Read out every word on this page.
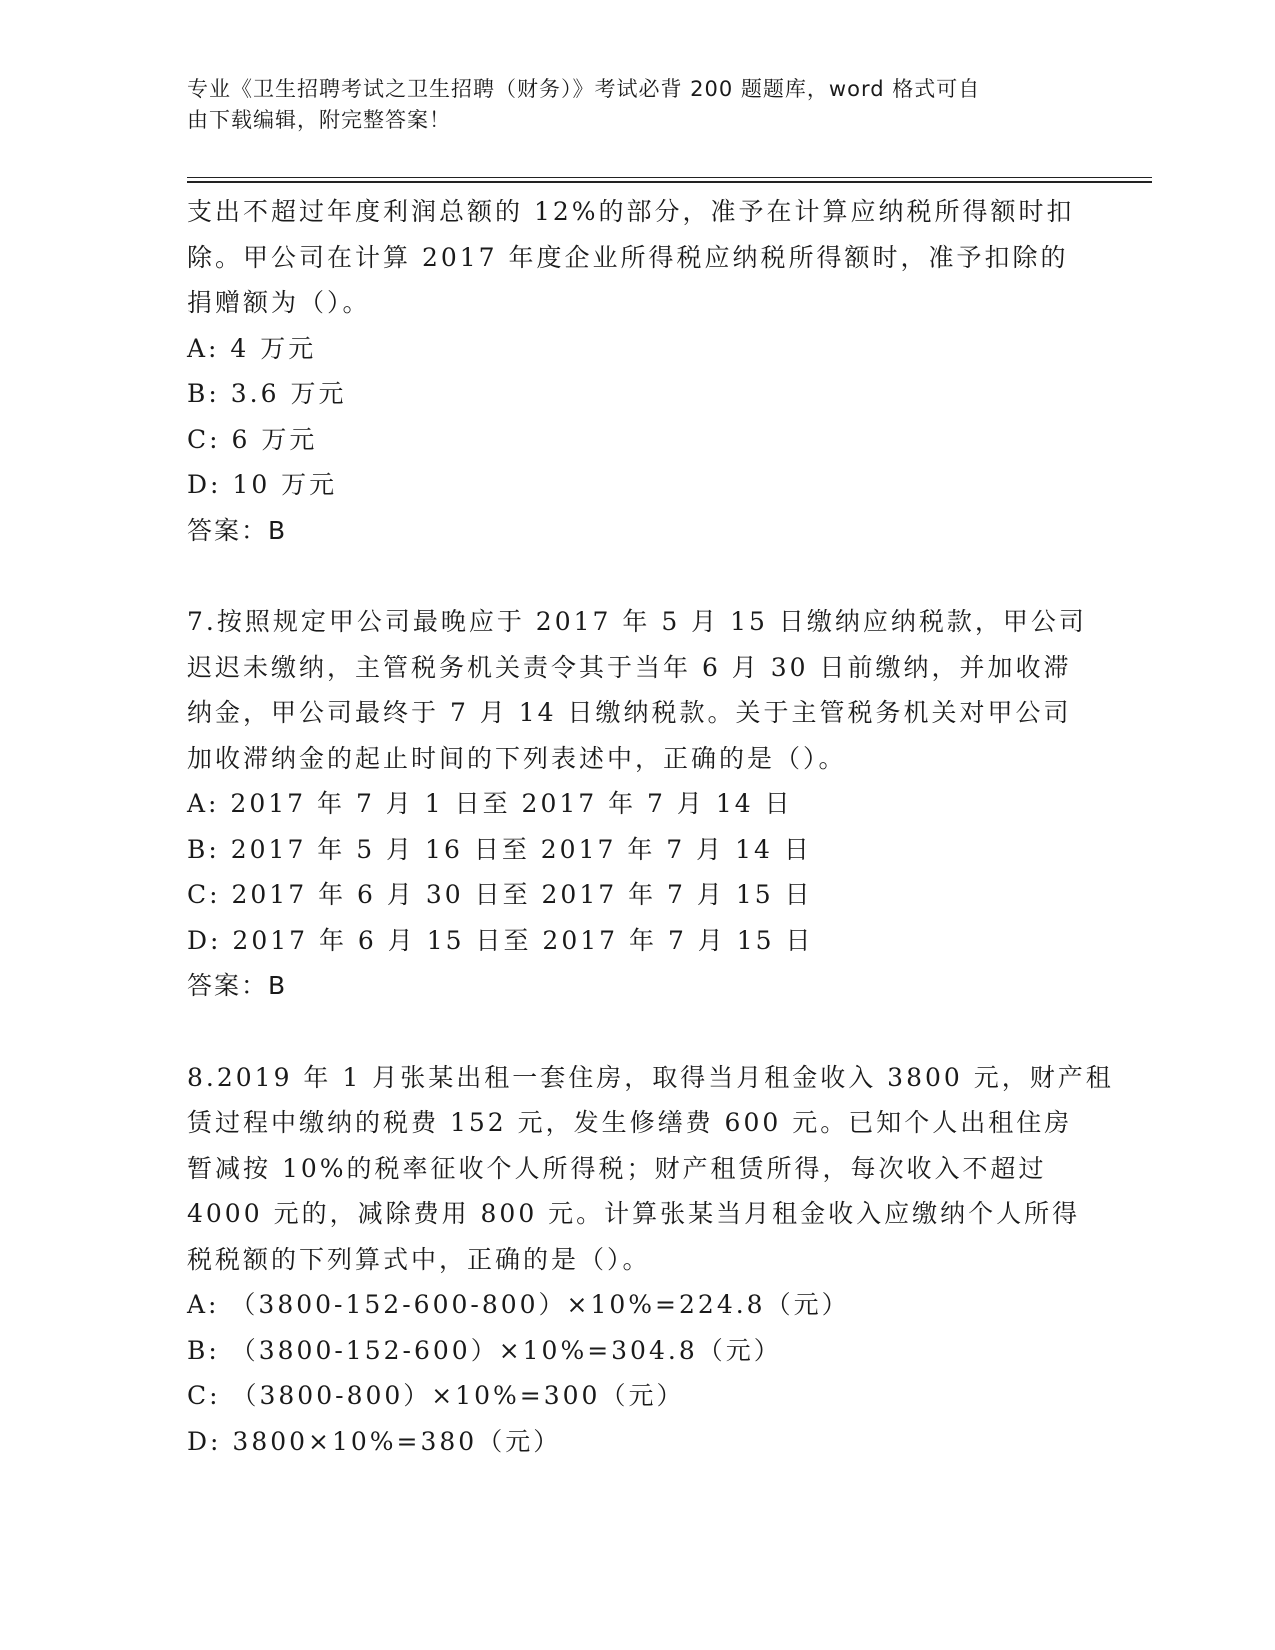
专业《卫生招聘考试之卫生招聘（财务）》考试必背 200 题题库，word 格式可自
由下载编辑，附完整答案！
支出不超过年度利润总额的 12%的部分，准予在计算应纳税所得额时扣
除。甲公司在计算 2017 年度企业所得税应纳税所得额时，准予扣除的
捐赠额为（）。
A: 4 万元
B: 3.6 万元
C: 6 万元
D: 10 万元
答案：B
7.按照规定甲公司最晚应于 2017 年 5 月 15 日缴纳应纳税款，甲公司
迟迟未缴纳，主管税务机关责令其于当年 6 月 30 日前缴纳，并加收滞
纳金，甲公司最终于 7 月 14 日缴纳税款。关于主管税务机关对甲公司
加收滞纳金的起止时间的下列表述中，正确的是（）。
A: 2017 年 7 月 1 日至 2017 年 7 月 14 日
B: 2017 年 5 月 16 日至 2017 年 7 月 14 日
C: 2017 年 6 月 30 日至 2017 年 7 月 15 日
D: 2017 年 6 月 15 日至 2017 年 7 月 15 日
答案：B
8.2019 年 1 月张某出租一套住房，取得当月租金收入 3800 元，财产租
赁过程中缴纳的税费 152 元，发生修缮费 600 元。已知个人出租住房
暂减按 10%的税率征收个人所得税；财产租赁所得，每次收入不超过
4000 元的，减除费用 800 元。计算张某当月租金收入应缴纳个人所得
税税额的下列算式中，正确的是（）。
A: （3800-152-600-800）×10%=224.8（元）
B: （3800-152-600）×10%=304.8（元）
C: （3800-800）×10%=300（元）
D: 3800×10%=380（元）
